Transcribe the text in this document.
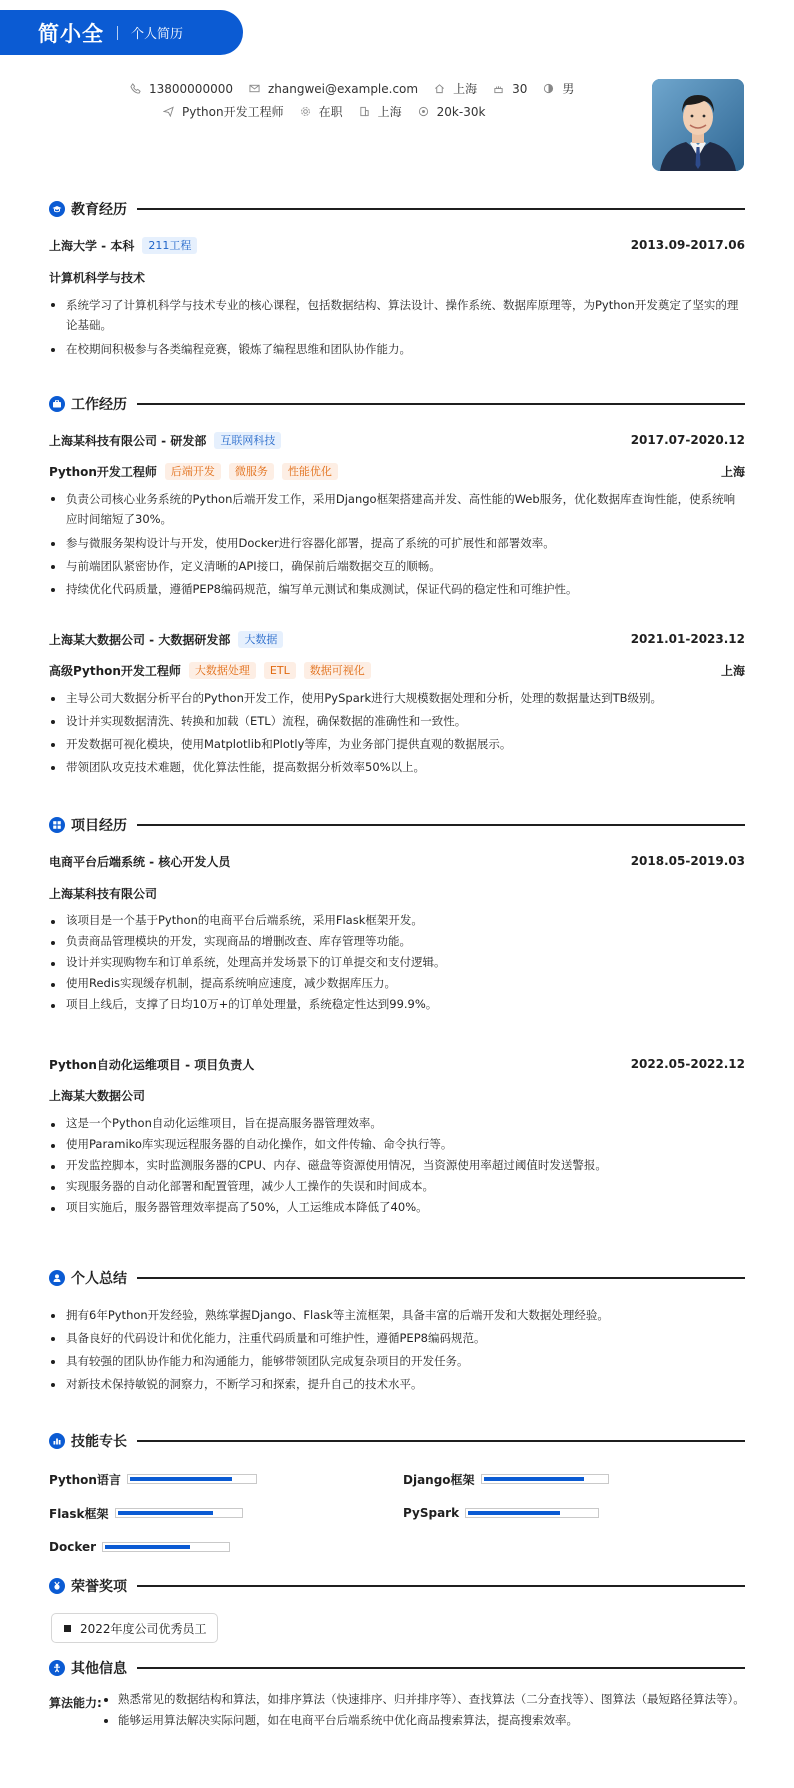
简小全 个人简历
13800000000	zhangwei@example.com	上海	30	男
Python开发工程师	在职	上海	20k-30k
教育经历
上海大学 - 本科	211工程	2013.09-2017.06
计算机科学与技术
系统学习了计算机科学与技术专业的核心课程，包括数据结构、算法设计、操作系统、数据库原理等，为Python开发奠定了坚实的理论基础。
在校期间积极参与各类编程竞赛，锻炼了编程思维和团队协作能力。
工作经历
上海某科技有限公司 - 研发部	互联网科技	2017.07-2020.12
Python开发工程师	后端开发	微服务	性能优化	上海
负责公司核心业务系统的Python后端开发工作，采用Django框架搭建高并发、高性能的Web服务，优化数据库查询性能，使系统响应时间缩短了30%。
参与微服务架构设计与开发，使用Docker进行容器化部署，提高了系统的可扩展性和部署效率。
与前端团队紧密协作，定义清晰的API接口，确保前后端数据交互的顺畅。
持续优化代码质量，遵循PEP8编码规范，编写单元测试和集成测试，保证代码的稳定性和可维护性。
上海某大数据公司 - 大数据研发部	大数据	2021.01-2023.12
高级Python开发工程师	大数据处理	ETL	数据可视化	上海
主导公司大数据分析平台的Python开发工作，使用PySpark进行大规模数据处理和分析，处理的数据量达到TB级别。
设计并实现数据清洗、转换和加载（ETL）流程，确保数据的准确性和一致性。
开发数据可视化模块，使用Matplotlib和Plotly等库，为业务部门提供直观的数据展示。
带领团队攻克技术难题，优化算法性能，提高数据分析效率50%以上。
项目经历
电商平台后端系统 - 核心开发人员	2018.05-2019.03
上海某科技有限公司
该项目是一个基于Python的电商平台后端系统，采用Flask框架开发。
负责商品管理模块的开发，实现商品的增删改查、库存管理等功能。
设计并实现购物车和订单系统，处理高并发场景下的订单提交和支付逻辑。
使用Redis实现缓存机制，提高系统响应速度，减少数据库压力。
项目上线后，支撑了日均10万+的订单处理量，系统稳定性达到99.9%。
Python自动化运维项目 - 项目负责人	2022.05-2022.12
上海某大数据公司
这是一个Python自动化运维项目，旨在提高服务器管理效率。
使用Paramiko库实现远程服务器的自动化操作，如文件传输、命令执行等。
开发监控脚本，实时监测服务器的CPU、内存、磁盘等资源使用情况，当资源使用率超过阈值时发送警报。
实现服务器的自动化部署和配置管理，减少人工操作的失误和时间成本。
项目实施后，服务器管理效率提高了50%，人工运维成本降低了40%。
个人总结
拥有6年Python开发经验，熟练掌握Django、Flask等主流框架，具备丰富的后端开发和大数据处理经验。
具备良好的代码设计和优化能力，注重代码质量和可维护性，遵循PEP8编码规范。
具有较强的团队协作能力和沟通能力，能够带领团队完成复杂项目的开发任务。
对新技术保持敏锐的洞察力，不断学习和探索，提升自己的技术水平。
技能专长
Python语言	Django框架
Flask框架	PySpark
Docker
荣誉奖项
2022年度公司优秀员工
其他信息
算法能力:	熟悉常见的数据结构和算法，如排序算法（快速排序、归并排序等）、查找算法（二分查找等）、图算法（最短路径算法等）。
能够运用算法解决实际问题，如在电商平台后端系统中优化商品搜索算法，提高搜索效率。
